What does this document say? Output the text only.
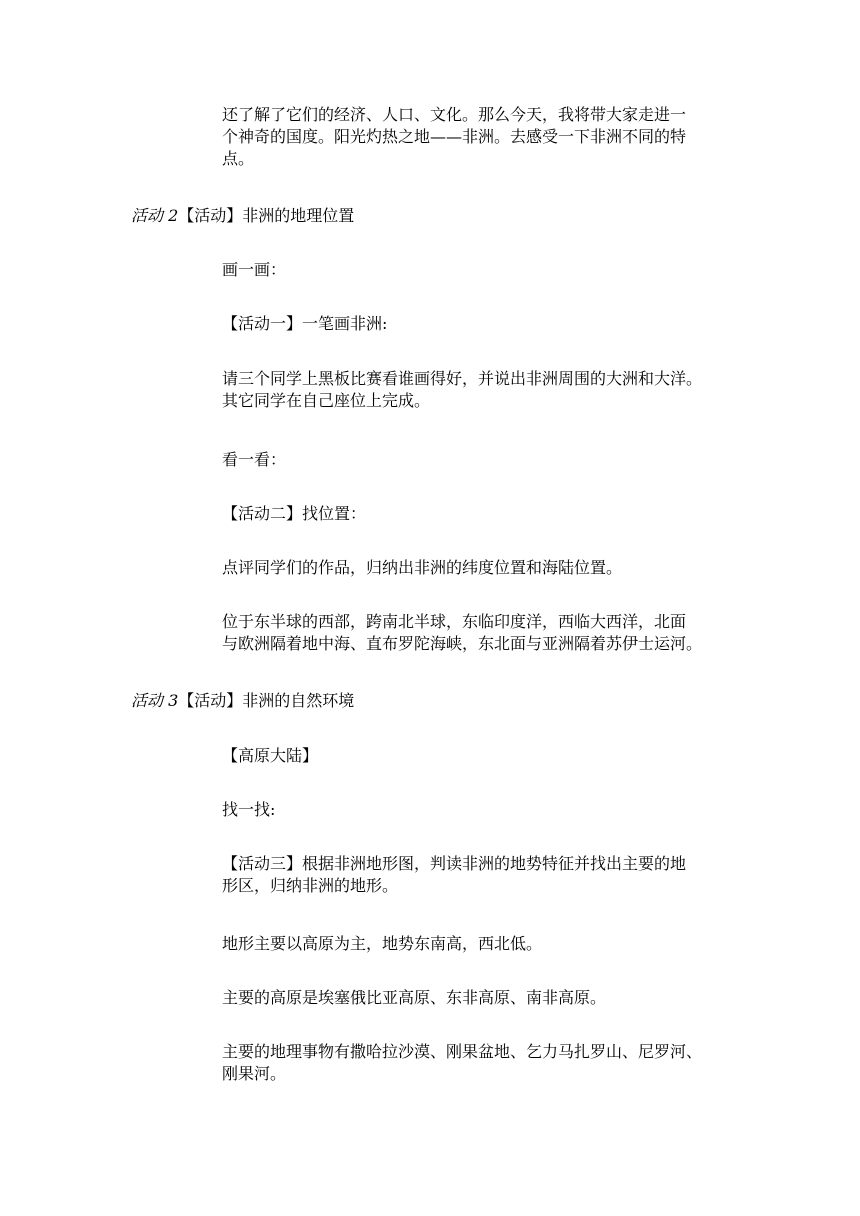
还了解了它们的经济、人口、文化。那么今天，我将带大家走进一
个神奇的国度。阳光灼热之地——非洲。去感受一下非洲不同的特
点。

活动 2【活动】非洲的地理位置

画一画：

【活动一】一笔画非洲:

请三个同学上黑板比赛看谁画得好，并说出非洲周围的大洲和大洋。
其它同学在自己座位上完成。

看一看：

【活动二】找位置：

点评同学们的作品，归纳出非洲的纬度位置和海陆位置。

位于东半球的西部，跨南北半球，东临印度洋，西临大西洋，北面
与欧洲隔着地中海、直布罗陀海峡，东北面与亚洲隔着苏伊士运河。

活动 3【活动】非洲的自然环境

【高原大陆】

找一找:

【活动三】根据非洲地形图，判读非洲的地势特征并找出主要的地
形区，归纳非洲的地形。

地形主要以高原为主，地势东南高，西北低。

主要的高原是埃塞俄比亚高原、东非高原、南非高原。

主要的地理事物有撒哈拉沙漠、刚果盆地、乞力马扎罗山、尼罗河、
刚果河。
